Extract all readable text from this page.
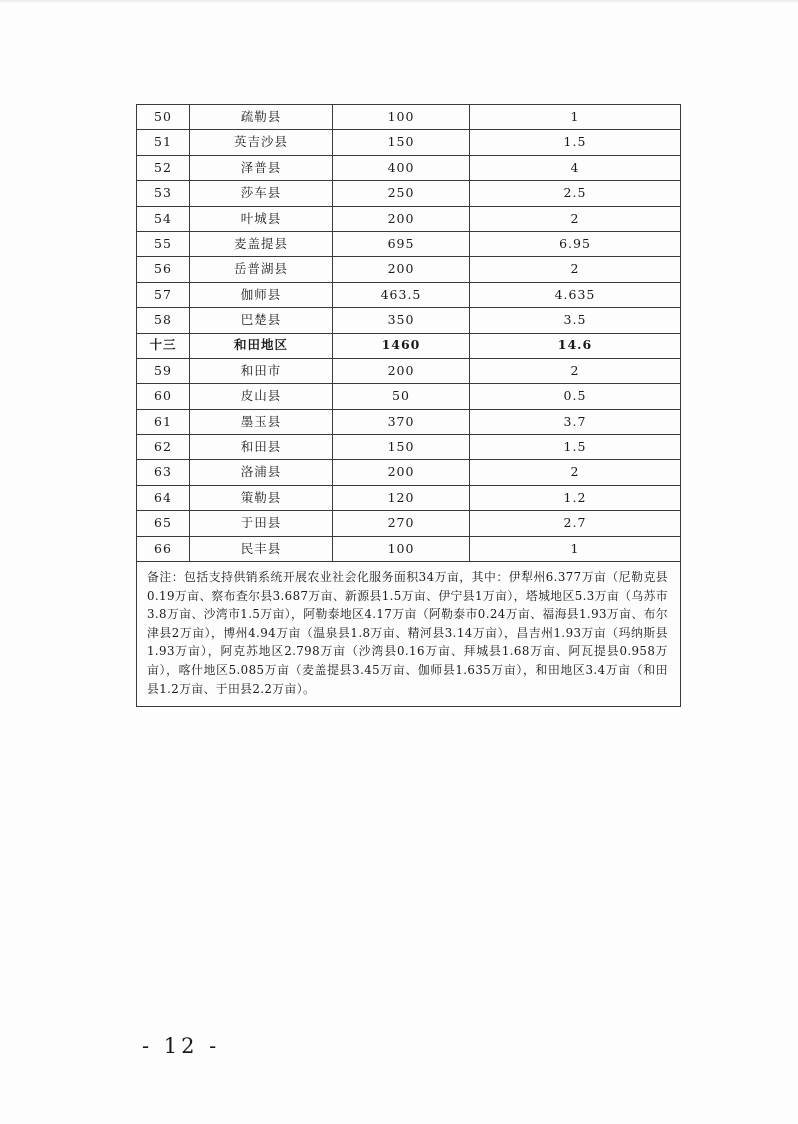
50	疏勒县	100	1
51	英吉沙县	150	1.5
52	泽普县	400	4
53	莎车县	250	2.5
54	叶城县	200	2
55	麦盖提县	695	6.95
56	岳普湖县	200	2
57	伽师县	463.5	4.635
58	巴楚县	350	3.5
十三	和田地区	1460	14.6
59	和田市	200	2
60	皮山县	50	0.5
61	墨玉县	370	3.7
62	和田县	150	1.5
63	洛浦县	200	2
64	策勒县	120	1.2
65	于田县	270	2.7
66	民丰县	100	1
备注：包括支持供销系统开展农业社会化服务面积34万亩，其中：伊犁州6.377万亩（尼勒克县0.19万亩、察布查尔县3.687万亩、新源县1.5万亩、伊宁县1万亩），塔城地区5.3万亩（乌苏市3.8万亩、沙湾市1.5万亩），阿勒泰地区4.17万亩（阿勒泰市0.24万亩、福海县1.93万亩、布尔津县2万亩），博州4.94万亩（温泉县1.8万亩、精河县3.14万亩），昌吉州1.93万亩（玛纳斯县1.93万亩），阿克苏地区2.798万亩（沙湾县0.16万亩、拜城县1.68万亩、阿瓦提县0.958万亩），喀什地区5.085万亩（麦盖提县3.45万亩、伽师县1.635万亩），和田地区3.4万亩（和田县1.2万亩、于田县2.2万亩）。			
- 12 -
